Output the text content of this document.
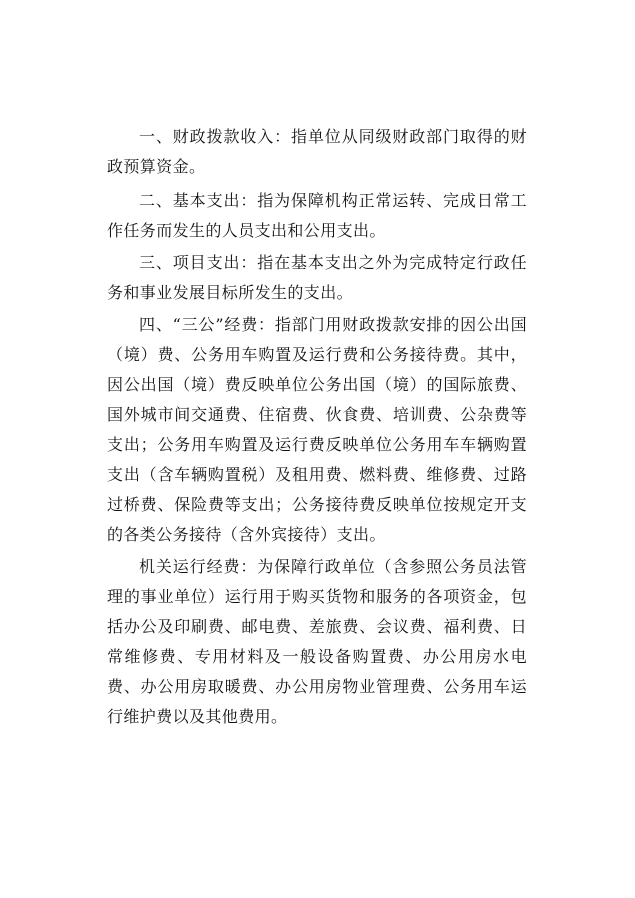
一、财政拨款收入：指单位从同级财政部门取得的财政预算资金。

二、基本支出：指为保障机构正常运转、完成日常工作任务而发生的人员支出和公用支出。

三、项目支出：指在基本支出之外为完成特定行政任务和事业发展目标所发生的支出。

四、“三公”经费：指部门用财政拨款安排的因公出国（境）费、公务用车购置及运行费和公务接待费。其中，因公出国（境）费反映单位公务出国（境）的国际旅费、国外城市间交通费、住宿费、伙食费、培训费、公杂费等支出；公务用车购置及运行费反映单位公务用车车辆购置支出（含车辆购置税）及租用费、燃料费、维修费、过路过桥费、保险费等支出；公务接待费反映单位按规定开支的各类公务接待（含外宾接待）支出。

机关运行经费：为保障行政单位（含参照公务员法管理的事业单位）运行用于购买货物和服务的各项资金，包括办公及印刷费、邮电费、差旅费、会议费、福利费、日常维修费、专用材料及一般设备购置费、办公用房水电费、办公用房取暖费、办公用房物业管理费、公务用车运行维护费以及其他费用。
